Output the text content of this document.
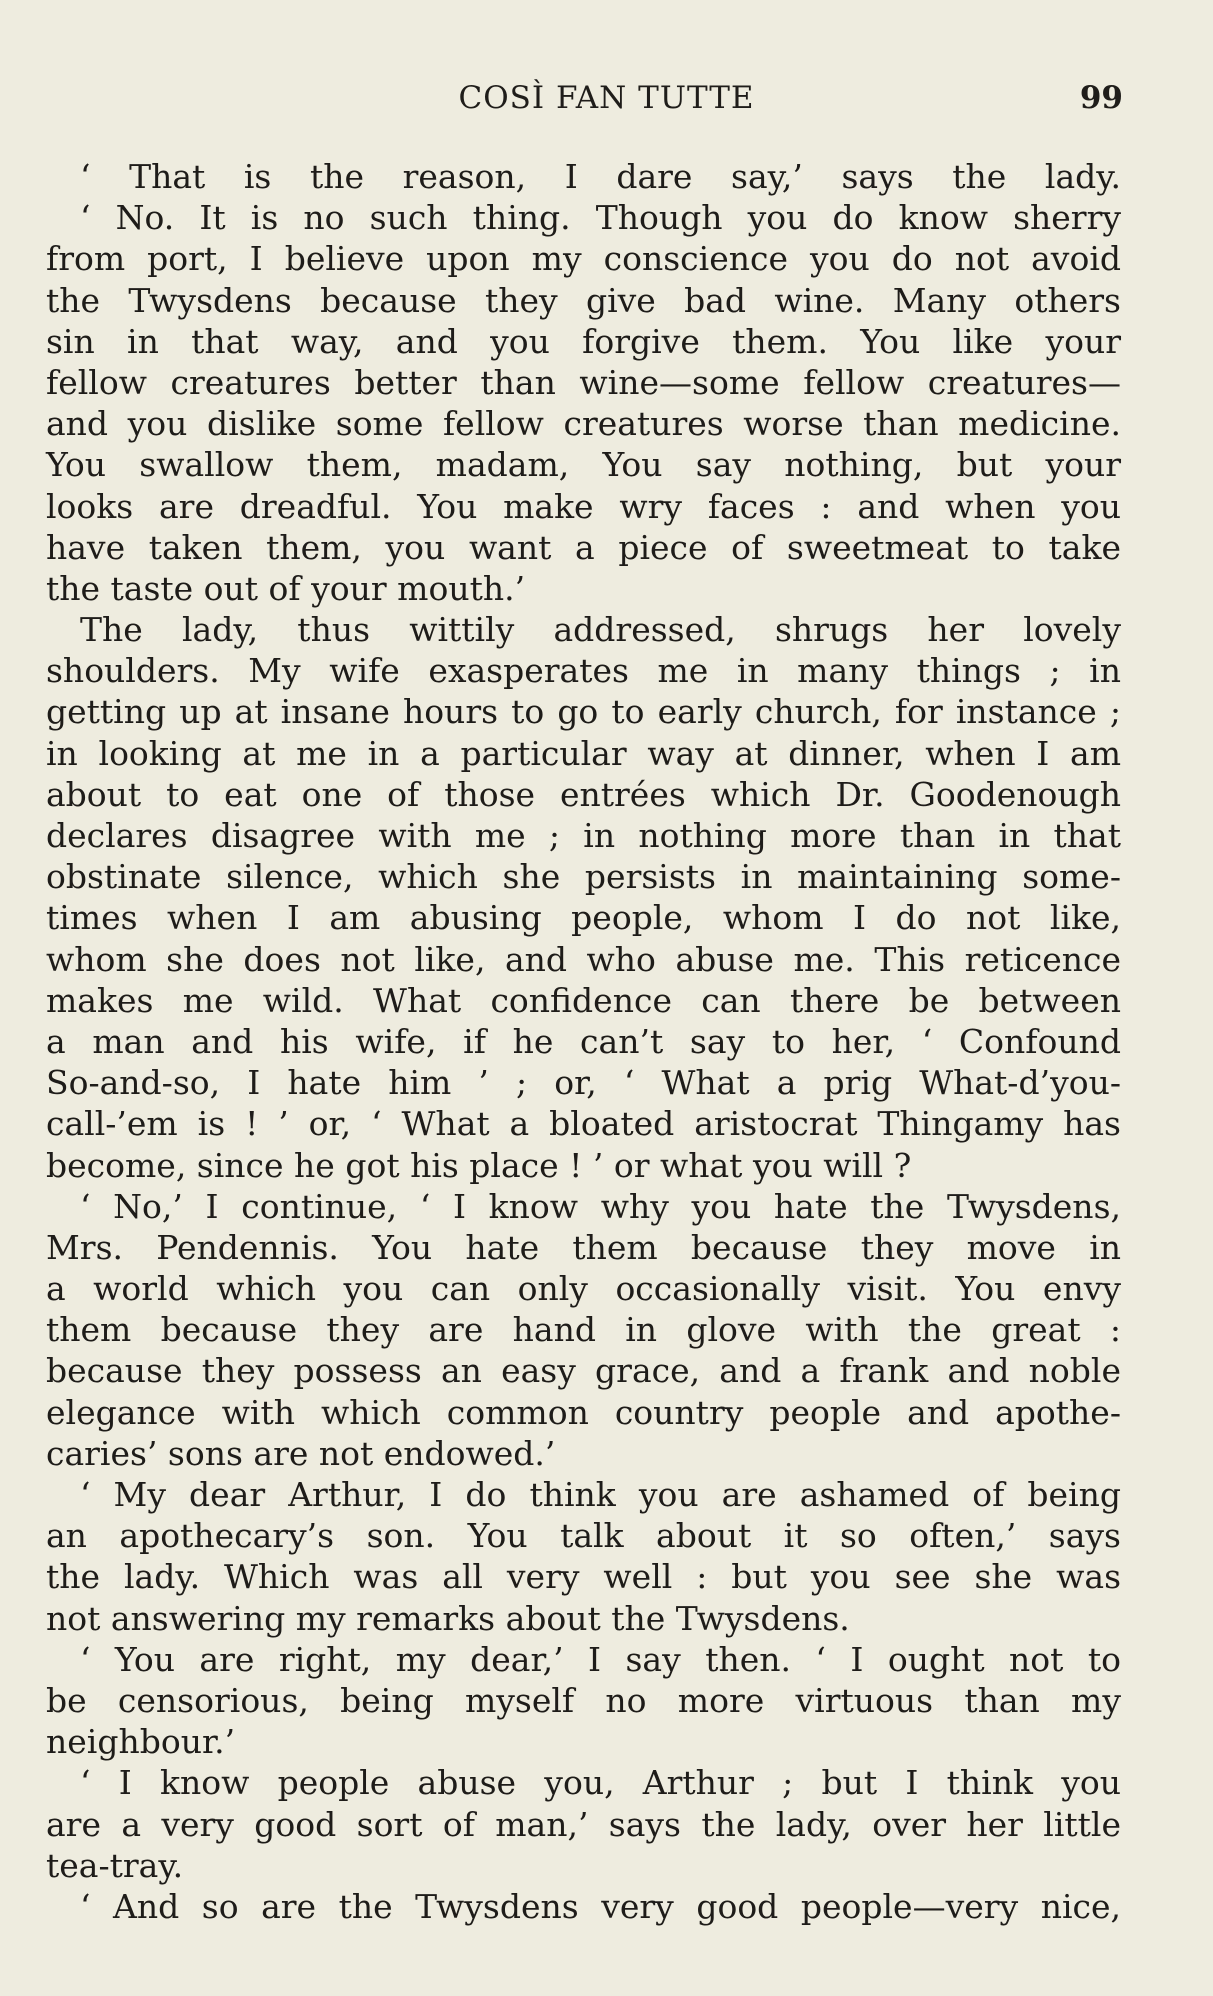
COSÌ FAN TUTTE	99
‘ That is the reason, I dare say,’ says the lady.
‘ No. It is no such thing. Though you do know sherry
from port, I believe upon my conscience you do not avoid
the Twysdens because they give bad wine. Many others
sin in that way, and you forgive them. You like your
fellow creatures better than wine—some fellow creatures—
and you dislike some fellow creatures worse than medicine.
You swallow them, madam, You say nothing, but your
looks are dreadful. You make wry faces : and when you
have taken them, you want a piece of sweetmeat to take
the taste out of your mouth.’
The lady, thus wittily addressed, shrugs her lovely
shoulders. My wife exasperates me in many things ; in
getting up at insane hours to go to early church, for instance ;
in looking at me in a particular way at dinner, when I am
about to eat one of those entrées which Dr. Goodenough
declares disagree with me ; in nothing more than in that
obstinate silence, which she persists in maintaining some-
times when I am abusing people, whom I do not like,
whom she does not like, and who abuse me. This reticence
makes me wild. What confidence can there be between
a man and his wife, if he can’t say to her, ‘ Confound
So-and-so, I hate him ’ ; or, ‘ What a prig What-d’you-
call-’em is ! ’ or, ‘ What a bloated aristocrat Thingamy has
become, since he got his place ! ’ or what you will ?
‘ No,’ I continue, ‘ I know why you hate the Twysdens,
Mrs. Pendennis. You hate them because they move in
a world which you can only occasionally visit. You envy
them because they are hand in glove with the great :
because they possess an easy grace, and a frank and noble
elegance with which common country people and apothe-
caries’ sons are not endowed.’
‘ My dear Arthur, I do think you are ashamed of being
an apothecary’s son. You talk about it so often,’ says
the lady. Which was all very well : but you see she was
not answering my remarks about the Twysdens.
‘ You are right, my dear,’ I say then. ‘ I ought not to
be censorious, being myself no more virtuous than my
neighbour.’
‘ I know people abuse you, Arthur ; but I think you
are a very good sort of man,’ says the lady, over her little
tea-tray.
‘ And so are the Twysdens very good people—very nice,
